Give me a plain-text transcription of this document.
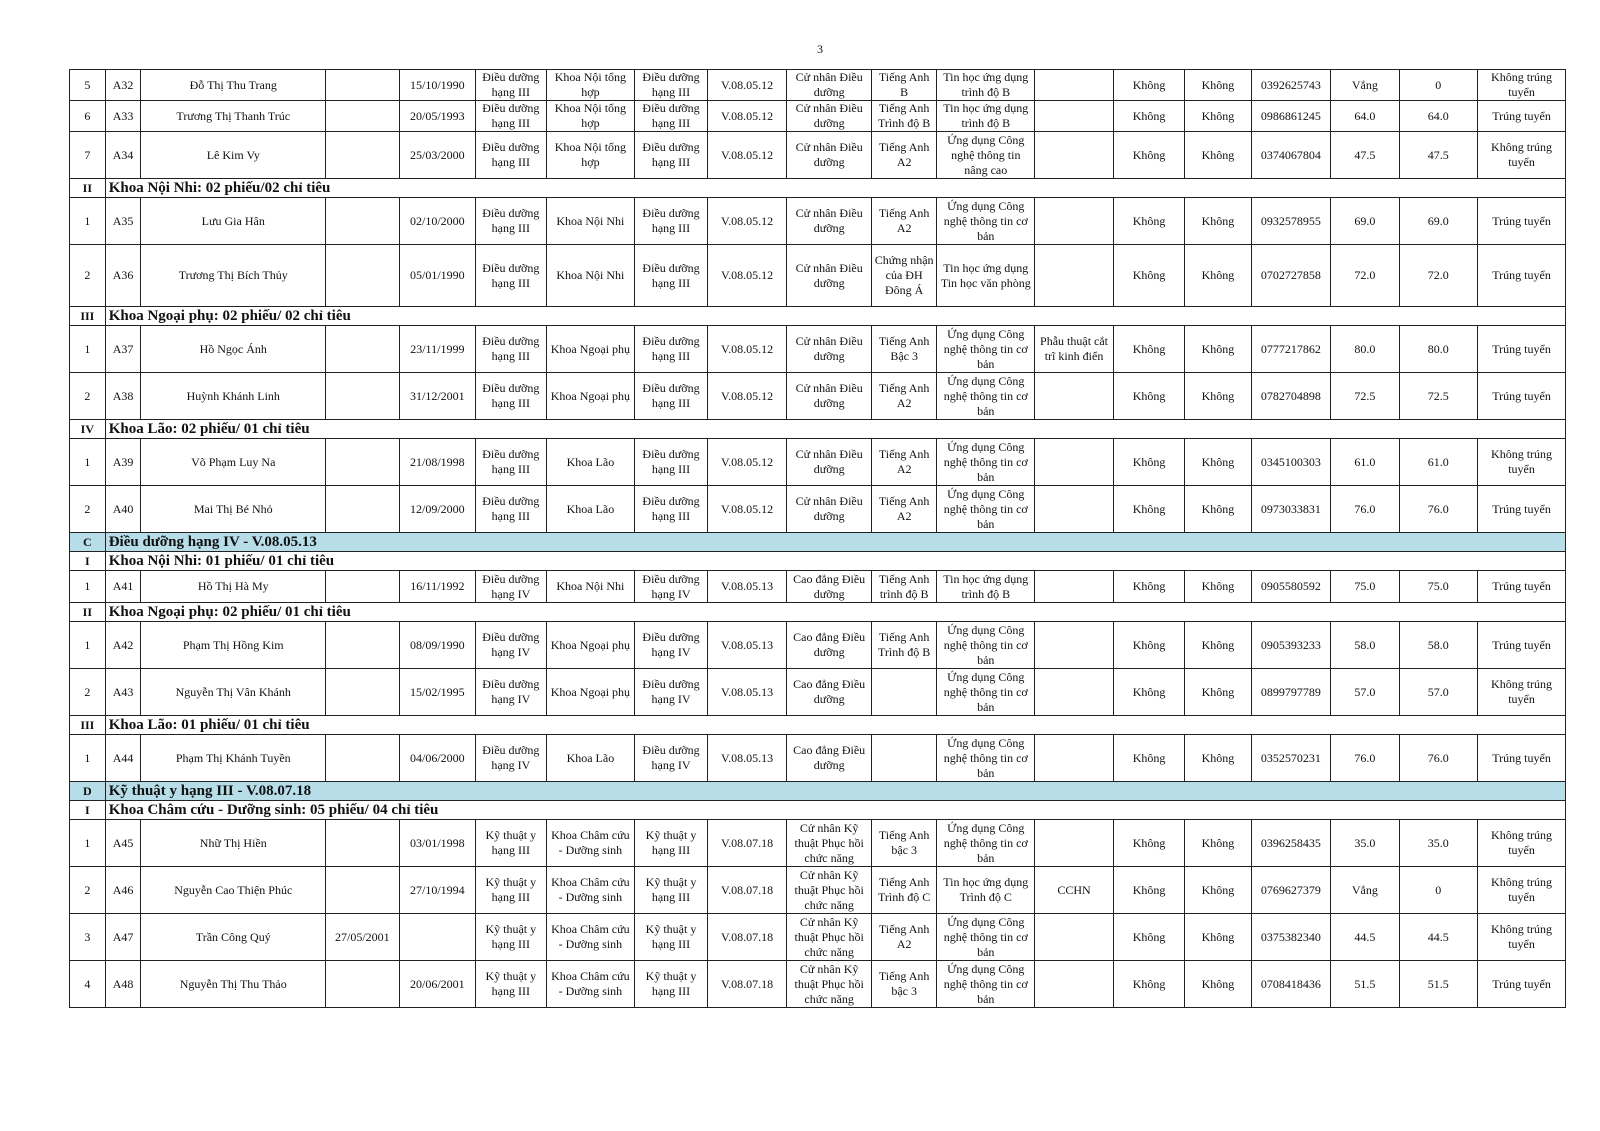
3
5	A32	Đỗ Thị Thu Trang		15/10/1990	Điều dưỡng hạng III	Khoa Nội tổng hợp	Điều dưỡng hạng III	V.08.05.12	Cử nhân Điều dưỡng	Tiếng Anh B	Tin học ứng dụng trình độ B		Không	Không	0392625743	Vắng	0	Không trúng tuyển
6	A33	Trương Thị Thanh Trúc		20/05/1993	Điều dưỡng hạng III	Khoa Nội tổng hợp	Điều dưỡng hạng III	V.08.05.12	Cử nhân Điều dưỡng	Tiếng Anh Trình độ B	Tin học ứng dụng trình độ B		Không	Không	0986861245	64.0	64.0	Trúng tuyển
7	A34	Lê Kim Vy		25/03/2000	Điều dưỡng hạng III	Khoa Nội tổng hợp	Điều dưỡng hạng III	V.08.05.12	Cử nhân Điều dưỡng	Tiếng Anh A2	Ứng dụng Công nghệ thông tin nâng cao		Không	Không	0374067804	47.5	47.5	Không trúng tuyển
II	Khoa Nội Nhi: 02 phiếu/02 chỉ tiêu																	
1	A35	Lưu Gia Hân		02/10/2000	Điều dưỡng hạng III	Khoa Nội Nhi	Điều dưỡng hạng III	V.08.05.12	Cử nhân Điều dưỡng	Tiếng Anh A2	Ứng dụng Công nghệ thông tin cơ bản		Không	Không	0932578955	69.0	69.0	Trúng tuyển
2	A36	Trương Thị Bích Thủy		05/01/1990	Điều dưỡng hạng III	Khoa Nội Nhi	Điều dưỡng hạng III	V.08.05.12	Cử nhân Điều dưỡng	Chứng nhận của ĐH Đông Á	Tin học ứng dụng Tin học văn phòng		Không	Không	0702727858	72.0	72.0	Trúng tuyển
III	Khoa Ngoại phụ: 02 phiếu/ 02 chỉ tiêu																	
1	A37	Hồ Ngọc Ánh		23/11/1999	Điều dưỡng hạng III	Khoa Ngoại phụ	Điều dưỡng hạng III	V.08.05.12	Cử nhân Điều dưỡng	Tiếng Anh Bậc 3	Ứng dụng Công nghệ thông tin cơ bản	Phẫu thuật cắt trĩ kinh điển	Không	Không	0777217862	80.0	80.0	Trúng tuyển
2	A38	Huỳnh Khánh Linh		31/12/2001	Điều dưỡng hạng III	Khoa Ngoại phụ	Điều dưỡng hạng III	V.08.05.12	Cử nhân Điều dưỡng	Tiếng Anh A2	Ứng dụng Công nghệ thông tin cơ bản		Không	Không	0782704898	72.5	72.5	Trúng tuyển
IV	Khoa Lão: 02 phiếu/ 01 chỉ tiêu																	
1	A39	Võ Phạm Luy Na		21/08/1998	Điều dưỡng hạng III	Khoa Lão	Điều dưỡng hạng III	V.08.05.12	Cử nhân Điều dưỡng	Tiếng Anh A2	Ứng dụng Công nghệ thông tin cơ bản		Không	Không	0345100303	61.0	61.0	Không trúng tuyển
2	A40	Mai Thị Bé Nhỏ		12/09/2000	Điều dưỡng hạng III	Khoa Lão	Điều dưỡng hạng III	V.08.05.12	Cử nhân Điều dưỡng	Tiếng Anh A2	Ứng dụng Công nghệ thông tin cơ bản		Không	Không	0973033831	76.0	76.0	Trúng tuyển
C	Điều dưỡng hạng IV - V.08.05.13																	
I	Khoa Nội Nhi: 01 phiếu/ 01 chỉ tiêu																	
1	A41	Hồ Thị Hà My		16/11/1992	Điều dưỡng hạng IV	Khoa Nội Nhi	Điều dưỡng hạng IV	V.08.05.13	Cao đẳng Điều dưỡng	Tiếng Anh trình độ B	Tin học ứng dụng trình độ B		Không	Không	0905580592	75.0	75.0	Trúng tuyển
II	Khoa Ngoại phụ: 02 phiếu/ 01 chỉ tiêu																	
1	A42	Phạm Thị Hồng Kim		08/09/1990	Điều dưỡng hạng IV	Khoa Ngoại phụ	Điều dưỡng hạng IV	V.08.05.13	Cao đẳng Điều dưỡng	Tiếng Anh Trình độ B	Ứng dụng Công nghệ thông tin cơ bản		Không	Không	0905393233	58.0	58.0	Trúng tuyển
2	A43	Nguyễn Thị Vân Khánh		15/02/1995	Điều dưỡng hạng IV	Khoa Ngoại phụ	Điều dưỡng hạng IV	V.08.05.13	Cao đẳng Điều dưỡng		Ứng dụng Công nghệ thông tin cơ bản		Không	Không	0899797789	57.0	57.0	Không trúng tuyển
III	Khoa Lão: 01 phiếu/ 01 chỉ tiêu																	
1	A44	Phạm Thị Khánh Tuyền		04/06/2000	Điều dưỡng hạng IV	Khoa Lão	Điều dưỡng hạng IV	V.08.05.13	Cao đẳng Điều dưỡng		Ứng dụng Công nghệ thông tin cơ bản		Không	Không	0352570231	76.0	76.0	Trúng tuyển
D	Kỹ thuật y hạng III - V.08.07.18																	
I	Khoa Châm cứu - Dưỡng sinh: 05 phiếu/ 04 chỉ tiêu																	
1	A45	Nhữ Thị Hiền		03/01/1998	Kỹ thuật y hạng III	Khoa Châm cứu - Dưỡng sinh	Kỹ thuật y hạng III	V.08.07.18	Cử nhân Kỹ thuật Phục hồi chức năng	Tiếng Anh bậc 3	Ứng dụng Công nghệ thông tin cơ bản		Không	Không	0396258435	35.0	35.0	Không trúng tuyển
2	A46	Nguyễn Cao Thiện Phúc		27/10/1994	Kỹ thuật y hạng III	Khoa Châm cứu - Dưỡng sinh	Kỹ thuật y hạng III	V.08.07.18	Cử nhân Kỹ thuật Phục hồi chức năng	Tiếng Anh Trình độ C	Tin học ứng dụng Trình độ C	CCHN	Không	Không	0769627379	Vắng	0	Không trúng tuyển
3	A47	Trần Công Quý	27/05/2001		Kỹ thuật y hạng III	Khoa Châm cứu - Dưỡng sinh	Kỹ thuật y hạng III	V.08.07.18	Cử nhân Kỹ thuật Phục hồi chức năng	Tiếng Anh A2	Ứng dụng Công nghệ thông tin cơ bản		Không	Không	0375382340	44.5	44.5	Không trúng tuyển
4	A48	Nguyễn Thị Thu Thảo		20/06/2001	Kỹ thuật y hạng III	Khoa Châm cứu - Dưỡng sinh	Kỹ thuật y hạng III	V.08.07.18	Cử nhân Kỹ thuật Phục hồi chức năng	Tiếng Anh bậc 3	Ứng dụng Công nghệ thông tin cơ bản		Không	Không	0708418436	51.5	51.5	Trúng tuyển
